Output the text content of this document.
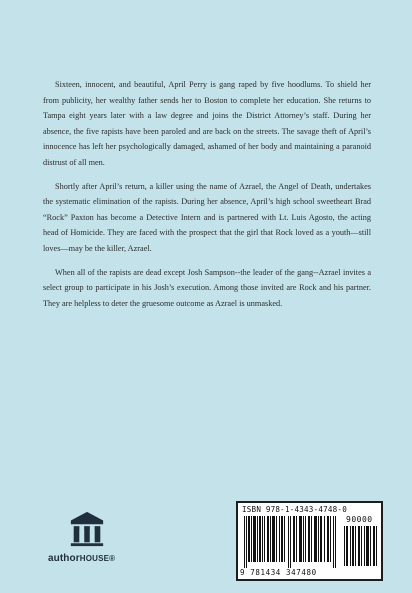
Sixteen, innocent, and beautiful, April Perry is gang raped by five hoodlums. To shield her from publicity, her wealthy father sends her to Boston to complete her education. She returns to Tampa eight years later with a law degree and joins the District Attorney’s staff. During her absence, the five rapists have been paroled and are back on the streets. The savage theft of April’s innocence has left her psychologically damaged, ashamed of her body and maintaining a paranoid distrust of all men.

Shortly after April’s return, a killer using the name of Azrael, the Angel of Death, undertakes the systematic elimination of the rapists. During her absence, April’s high school sweetheart Brad “Rock” Paxton has become a Detective Intern and is partnered with Lt. Luis Agosto, the acting head of Homicide. They are faced with the prospect that the girl that Rock loved as a youth—still loves—may be the killer, Azrael.

When all of the rapists are dead except Josh Sampson--the leader of the gang--Azrael invites a select group to participate in his Josh’s execution. Among those invited are Rock and his partner. They are helpless to deter the gruesome outcome as Azrael is unmasked.

authorHOUSE®
ISBN 978-1-4343-4748-0
90000
9 781434 347480
